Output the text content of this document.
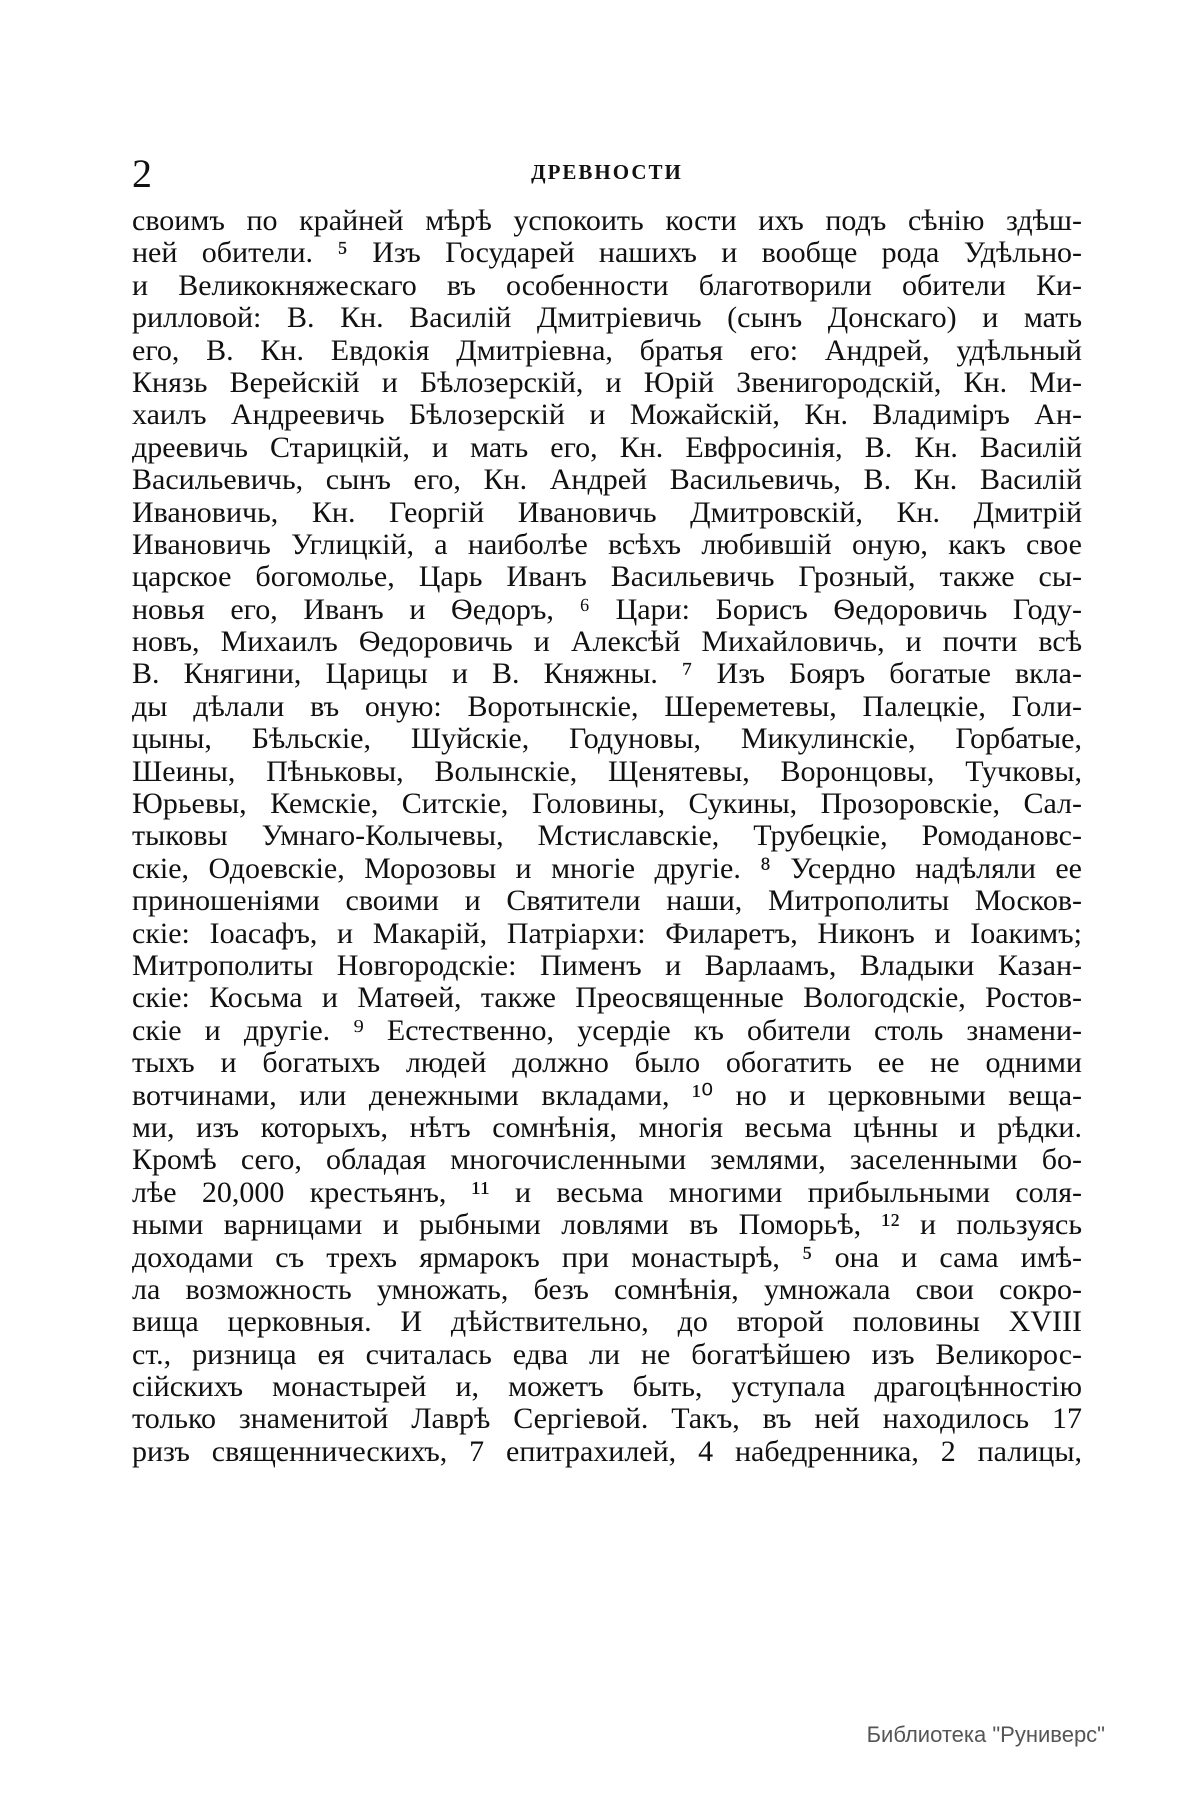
2	ДРЕВНОСТИ
своимъ по крайней мѣрѣ успокоить кости ихъ подъ сѣнію здѣш-
ней обители. ⁵ Изъ Государей нашихъ и вообще рода Удѣльно-
и Великокняжескаго въ особенности благотворили обители Ки-
рилловой: В. Кн. Василій Дмитріевичь (сынъ Донскаго) и мать
его, В. Кн. Евдокія Дмитріевна, братья его: Андрей, удѣльный
Князь Верейскій и Бѣлозерскій, и Юрій Звенигородскій, Кн. Ми-
хаилъ Андреевичь Бѣлозерскій и Можайскій, Кн. Владиміръ Ан-
дреевичь Старицкій, и мать его, Кн. Евфросинія, В. Кн. Василій
Васильевичь, сынъ его, Кн. Андрей Васильевичь, В. Кн. Василій
Ивановичь, Кн. Георгій Ивановичь Дмитровскій, Кн. Дмитрій
Ивановичь Углицкій, а наиболѣе всѣхъ любившій оную, какъ свое
царское богомолье, Царь Иванъ Васильевичь Грозный, также сы-
новья его, Иванъ и Ѳедоръ, ⁶ Цари: Борисъ Ѳедоровичь Году-
новъ, Михаилъ Ѳедоровичь и Алексѣй Михайловичь, и почти всѣ
В. Княгини, Царицы и В. Княжны. ⁷ Изъ Бояръ богатые вкла-
ды дѣлали въ оную: Воротынскіе, Шереметевы, Палецкіе, Голи-
цыны, Бѣльскіе, Шуйскіе, Годуновы, Микулинскіе, Горбатые,
Шеины, Пѣньковы, Волынскіе, Щенятевы, Воронцовы, Тучковы,
Юрьевы, Кемскіе, Ситскіе, Головины, Сукины, Прозоровскіе, Сал-
тыковы Умнаго-Колычевы, Мстиславскіе, Трубецкіе, Ромодановс-
скіе, Одоевскіе, Морозовы и многіе другіе. ⁸ Усердно надѣляли ее
приношеніями своими и Святители наши, Митрополиты Москов-
скіе: Іоасафъ, и Макарій, Патріархи: Филаретъ, Никонъ и Іоакимъ;
Митрополиты Новгородскіе: Пименъ и Варлаамъ, Владыки Казан-
скіе: Косьма и Матѳей, также Преосвященные Вологодскіе, Ростов-
скіе и другіе. ⁹ Естественно, усердіе къ обители столь знамени-
тыхъ и богатыхъ людей должно было обогатить ее не одними
вотчинами, или денежными вкладами, ¹⁰ но и церковными веща-
ми, изъ которыхъ, нѣтъ сомнѣнія, многія весьма цѣнны и рѣдки.
Кромѣ сего, обладая многочисленными землями, заселенными бо-
лѣе 20,000 крестьянъ, ¹¹ и весьма многими прибыльными соля-
ными варницами и рыбными ловлями въ Поморьѣ, ¹² и пользуясь
доходами съ трехъ ярмарокъ при монастырѣ, ⁵ она и сама имѣ-
ла возможность умножать, безъ сомнѣнія, умножала свои сокро-
вища церковныя. И дѣйствительно, до второй половины XVIII
ст., ризница ея считалась едва ли не богатѣйшею изъ Великорос-
сійскихъ монастырей и, можетъ быть, уступала драгоцѣнностію
только знаменитой Лаврѣ Сергіевой. Такъ, въ ней находилось 17
ризъ священническихъ, 7 епитрахилей, 4 набедренника, 2 палицы,
Библиотека "Руниверс"
